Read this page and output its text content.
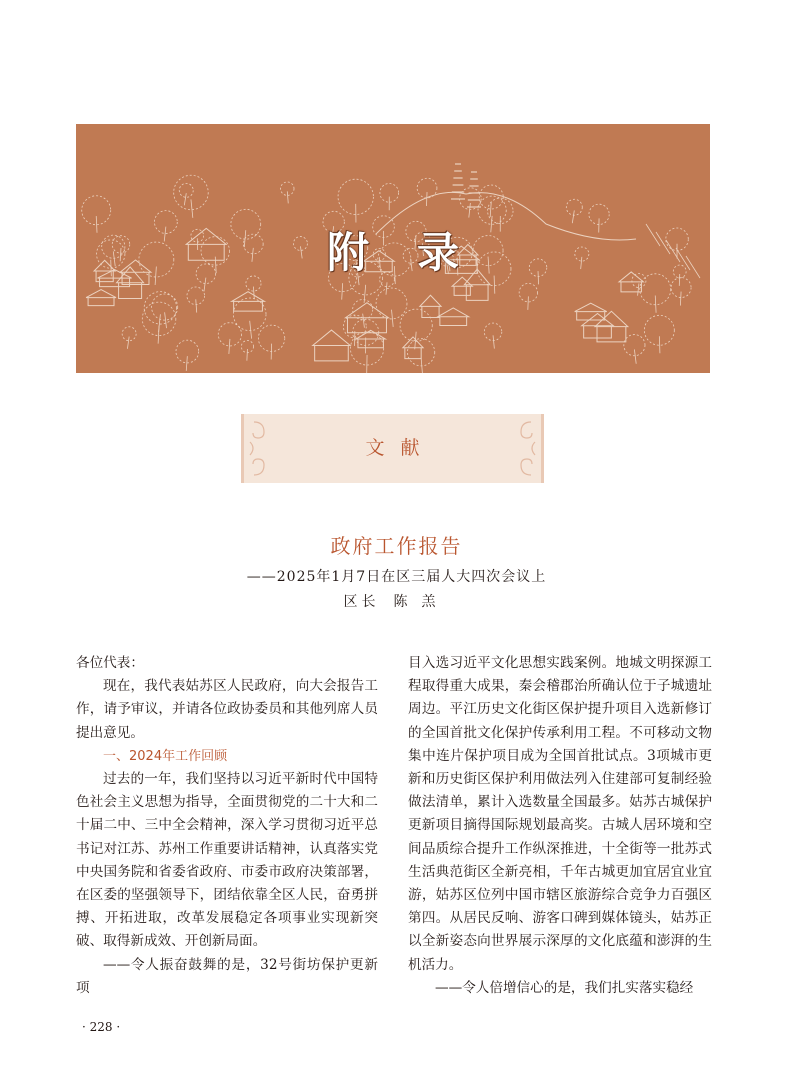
附录
文献
政府工作报告
——2025年1月7日在区三届人大四次会议上
区长 陈羔

各位代表：

现在，我代表姑苏区人民政府，向大会报告工作，请予审议，并请各位政协委员和其他列席人员提出意见。

一、2024年工作回顾

过去的一年，我们坚持以习近平新时代中国特色社会主义思想为指导，全面贯彻党的二十大和二十届二中、三中全会精神，深入学习贯彻习近平总书记对江苏、苏州工作重要讲话精神，认真落实党中央国务院和省委省政府、市委市政府决策部署，在区委的坚强领导下，团结依靠全区人民，奋勇拼搏、开拓进取，改革发展稳定各项事业实现新突破、取得新成效、开创新局面。

——令人振奋鼓舞的是，32号街坊保护更新项

目入选习近平文化思想实践案例。地城文明探源工程取得重大成果，秦会稽郡治所确认位于子城遗址周边。平江历史文化街区保护提升项目入选新修订的全国首批文化保护传承利用工程。不可移动文物集中连片保护项目成为全国首批试点。3项城市更新和历史街区保护利用做法列入住建部可复制经验做法清单，累计入选数量全国最多。姑苏古城保护更新项目摘得国际规划最高奖。古城人居环境和空间品质综合提升工作纵深推进，十全街等一批苏式生活典范街区全新亮相，千年古城更加宜居宜业宜游，姑苏区位列中国市辖区旅游综合竞争力百强区第四。从居民反响、游客口碑到媒体镜头，姑苏正以全新姿态向世界展示深厚的文化底蕴和澎湃的生机活力。

——令人倍增信心的是，我们扎实落实稳经

· 228 ·
